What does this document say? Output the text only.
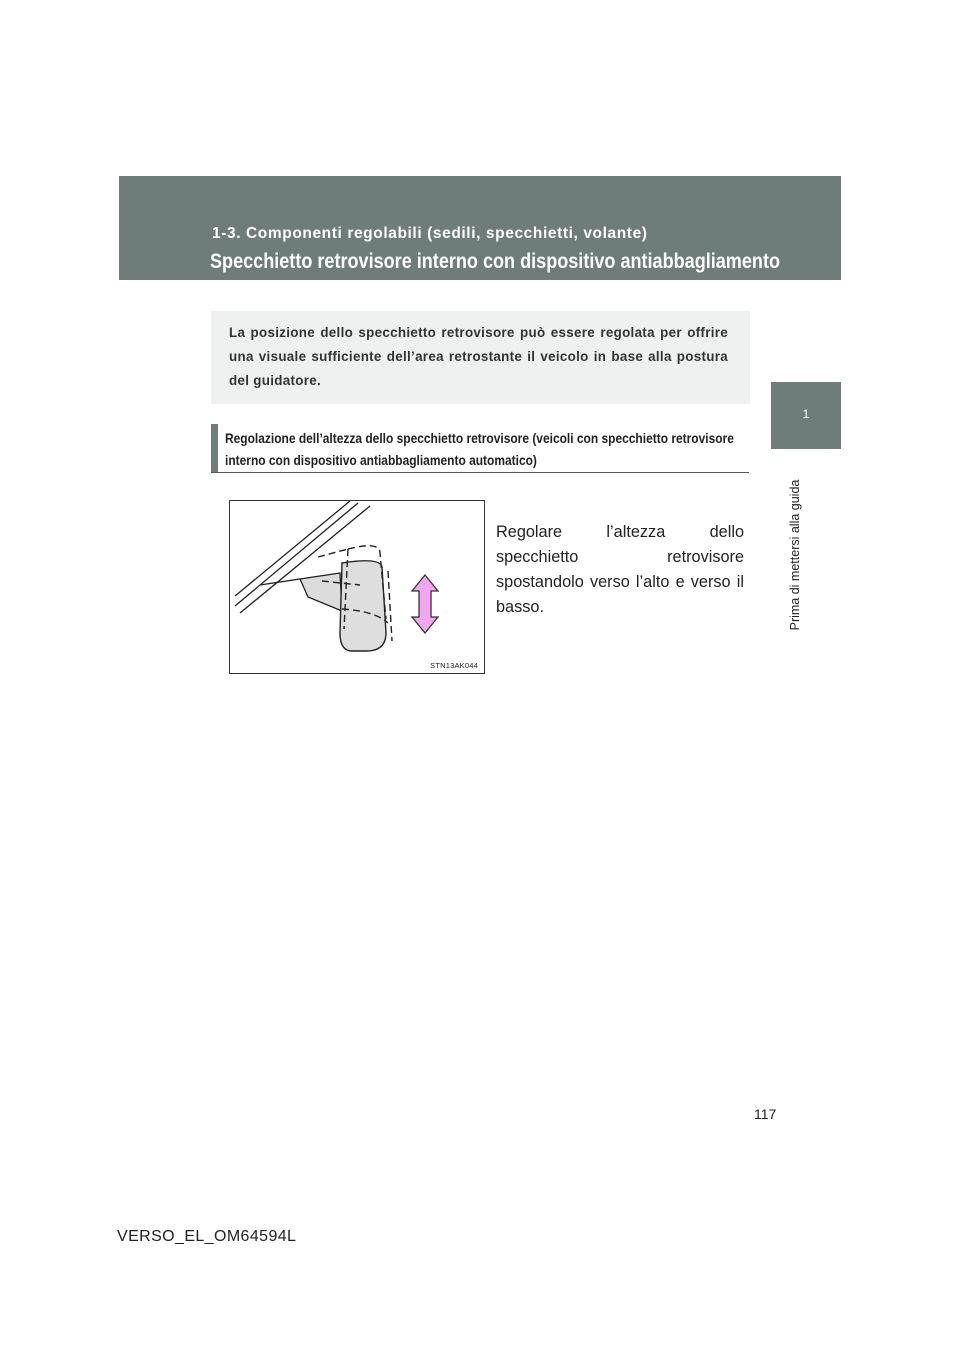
1-3. Componenti regolabili (sedili, specchietti, volante)
Specchietto retrovisore interno con dispositivo antiabbagliamento
1
Prima di mettersi alla guida

La posizione dello specchietto retrovisore può essere regolata per offrire una visuale sufficiente dell’area retrostante il veicolo in base alla postura del guidatore.

Regolazione dell’altezza dello specchietto retrovisore (veicoli con specchietto retrovisore interno con dispositivo antiabbagliamento automatico)

STN13AK044

Regolare l’altezza dello specchietto retrovisore spostandolo verso l’alto e verso il basso.

117
VERSO_EL_OM64594L
